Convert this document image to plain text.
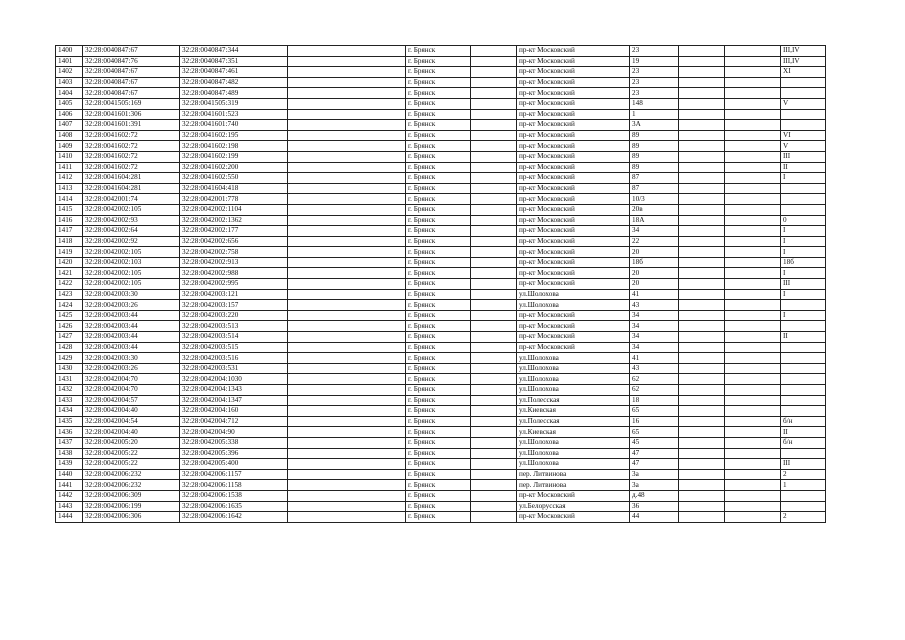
1400	32:28:0040847:67	32:28:0040847:344		г. Брянск		пр-кт Московский	23			III,IV
1401	32:28:0040847:76	32:28:0040847:351		г. Брянск		пр-кт Московский	19			III,IV
1402	32:28:0040847:67	32:28:0040847:461		г. Брянск		пр-кт Московский	23			XI
1403	32:28:0040847:67	32:28:0040847:482		г. Брянск		пр-кт Московский	23			
1404	32:28:0040847:67	32:28:0040847:489		г. Брянск		пр-кт Московский	23			
1405	32:28:0041505:169	32:28:0041505:319		г. Брянск		пр-кт Московский	148			V
1406	32:28:0041601:306	32:28:0041601:523		г. Брянск		пр-кт Московский	1			
1407	32:28:0041601:391	32:28:0041601:740		г. Брянск		пр-кт Московский	3А			
1408	32:28:0041602:72	32:28:0041602:195		г. Брянск		пр-кт Московский	89			VI
1409	32:28:0041602:72	32:28:0041602:198		г. Брянск		пр-кт Московский	89			V
1410	32:28:0041602:72	32:28:0041602:199		г. Брянск		пр-кт Московский	89			III
1411	32:28:0041602:72	32:28:0041602:200		г. Брянск		пр-кт Московский	89			II
1412	32:28:0041604:281	32:28:0041602:550		г. Брянск		пр-кт Московский	87			I
1413	32:28:0041604:281	32:28:0041604:418		г. Брянск		пр-кт Московский	87			
1414	32:28:0042001:74	32:28:0042001:778		г. Брянск		пр-кт Московский	10/3			
1415	32:28:0042002:105	32:28:0042002:1104		г. Брянск		пр-кт Московский	20в			
1416	32:28:0042002:93	32:28:0042002:1362		г. Брянск		пр-кт Московский	18А			0
1417	32:28:0042002:64	32:28:0042002:177		г. Брянск		пр-кт Московский	34			I
1418	32:28:0042002:92	32:28:0042002:656		г. Брянск		пр-кт Московский	22			I
1419	32:28:0042002:105	32:28:0042002:758		г. Брянск		пр-кт Московский	20			I
1420	32:28:0042002:103	32:28:0042002:913		г. Брянск		пр-кт Московский	18б			18б
1421	32:28:0042002:105	32:28:0042002:988		г. Брянск		пр-кт Московский	20			I
1422	32:28:0042002:105	32:28:0042002:995		г. Брянск		пр-кт Московский	20			III
1423	32:28:0042003:30	32:28:0042003:121		г. Брянск		ул.Шолохова	41			I
1424	32:28:0042003:26	32:28:0042003:157		г. Брянск		ул.Шолохова	43			
1425	32:28:0042003:44	32:28:0042003:220		г. Брянск		пр-кт Московский	34			I
1426	32:28:0042003:44	32:28:0042003:513		г. Брянск		пр-кт Московский	34			
1427	32:28:0042003:44	32:28:0042003:514		г. Брянск		пр-кт Московский	34			II
1428	32:28:0042003:44	32:28:0042003:515		г. Брянск		пр-кт Московский	34			
1429	32:28:0042003:30	32:28:0042003:516		г. Брянск		ул.Шолохова	41			
1430	32:28:0042003:26	32:28:0042003:531		г. Брянск		ул.Шолохова	43			
1431	32:28:0042004:70	32:28:0042004:1030		г. Брянск		ул.Шолохова	62			
1432	32:28:0042004:70	32:28:0042004:1343		г. Брянск		ул.Шолохова	62			
1433	32:28:0042004:57	32:28:0042004:1347		г. Брянск		ул.Полесская	18			
1434	32:28:0042004:40	32:28:0042004:160		г. Брянск		ул.Киевская	65			
1435	32:28:0042004:54	32:28:0042004:712		г. Брянск		ул.Полесская	16			б/н
1436	32:28:0042004:40	32:28:0042004:90		г. Брянск		ул.Киевская	65			II
1437	32:28:0042005:20	32:28:0042005:338		г. Брянск		ул.Шолохова	45			б/н
1438	32:28:0042005:22	32:28:0042005:396		г. Брянск		ул.Шолохова	47			
1439	32:28:0042005:22	32:28:0042005:400		г. Брянск		ул.Шолохова	47			III
1440	32:28:0042006:232	32:28:0042006:1157		г. Брянск		пер. Литвинова	3а			2
1441	32:28:0042006:232	32:28:0042006:1158		г. Брянск		пер. Литвинова	3а			1
1442	32:28:0042006:309	32:28:0042006:1538		г. Брянск		пр-кт Московский	д.48			
1443	32:28:0042006:199	32:28:0042006:1635		г. Брянск		ул.Белорусская	36			
1444	32:28:0042006:306	32:28:0042006:1642		г. Брянск		пр-кт Московский	44			2
